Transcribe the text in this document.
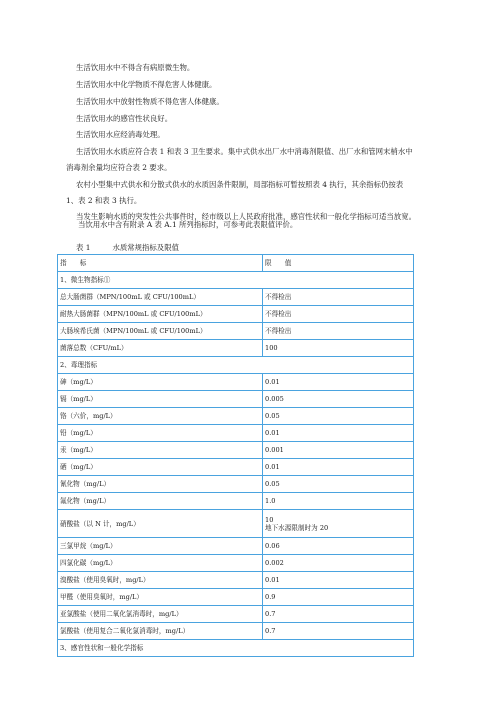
生活饮用水中不得含有病原微生物。
生活饮用水中化学物质不得危害人体健康。
生活饮用水中放射性物质不得危害人体健康。
生活饮用水的感官性状良好。
生活饮用水应经消毒处理。
生活饮用水水质应符合表 1 和表 3 卫生要求。集中式供水出厂水中消毒剂限值、出厂水和管网末梢水中
消毒剂余量均应符合表 2 要求。
农村小型集中式供水和分散式供水的水质因条件限制，局部指标可暂按照表 4 执行，其余指标仍按表
1、表 2 和表 3 执行。
当发生影响水质的突发性公共事件时，经市级以上人民政府批准，感官性状和一般化学指标可适当放宽。
当饮用水中含有附录 A 表 A.1 所列指标时，可参考此表限值评价。
表 1	水质常规指标及限值
指　　标	限　　值
1、微生物指标①	
总大肠菌群（MPN/100mL 或 CFU/100mL）	不得检出
耐热大肠菌群（MPN/100mL 或 CFU/100mL）	不得检出
大肠埃希氏菌（MPN/100mL 或 CFU/100mL）	不得检出
菌落总数（CFU/mL）	100
2、毒理指标	
砷（mg/L）	0.01
镉（mg/L）	0.005
铬（六价，mg/L）	0.05
铅（mg/L）	0.01
汞（mg/L）	0.001
硒（mg/L）	0.01
氰化物（mg/L）	0.05
氟化物（mg/L）	1.0
硝酸盐（以 N 计，mg/L）	10
地下水源限制时为 20

三氯甲烷（mg/L）	0.06
四氯化碳（mg/L）	0.002
溴酸盐（使用臭氧时，mg/L）	0.01
甲醛（使用臭氧时，mg/L）	0.9
亚氯酸盐（使用二氧化氯消毒时，mg/L）	0.7
氯酸盐（使用复合二氧化氯消毒时，mg/L）	0.7
3、感官性状和一般化学指标	
